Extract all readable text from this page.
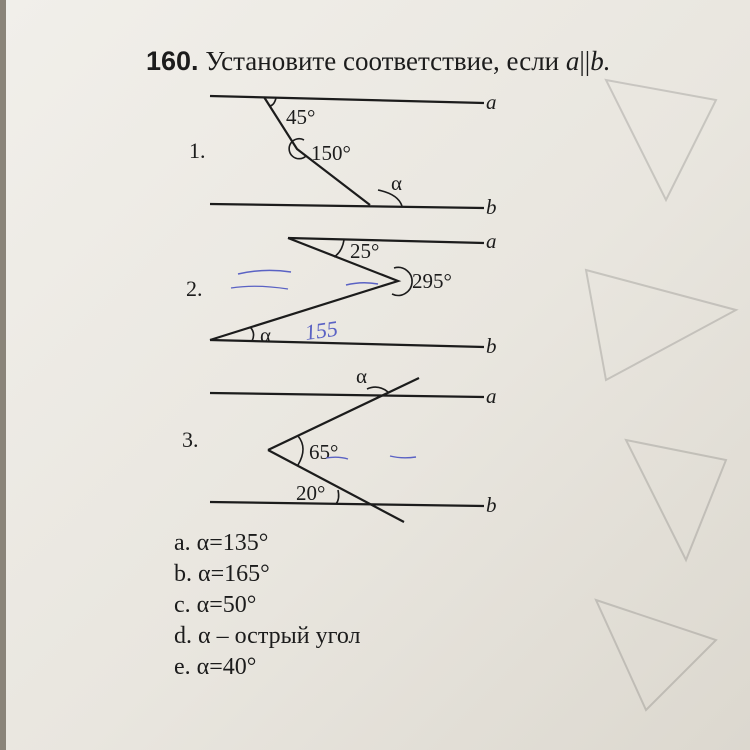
160. Установите соответствие, если a||b.
1.
45°
150°
α
a
b
2.
25°
295°
α
a
b
155
α
3.	65°
20°
a
b
a. α=135°
b. α=165°
c. α=50°
d. α – острый угол
e. α=40°
